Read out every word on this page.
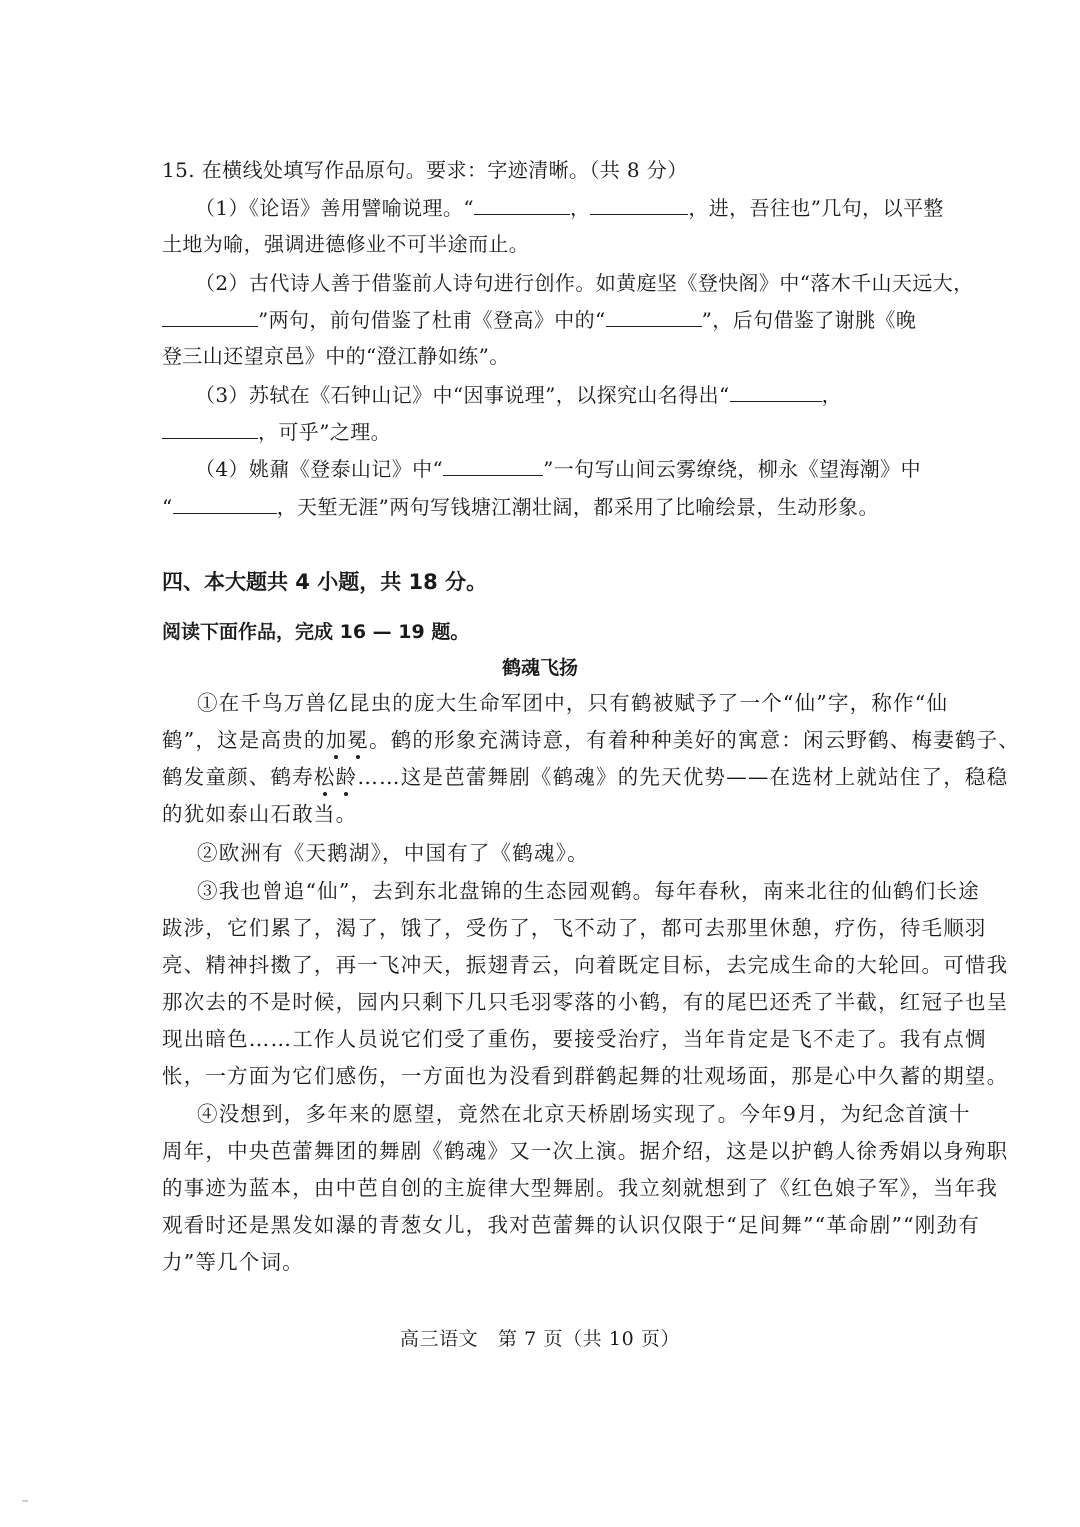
15. 在横线处填写作品原句。要求：字迹清晰。（共 8 分）
（1）《论语》善用譬喻说理。“	，	，进，吾往也”几句，以平整
土地为喻，强调进德修业不可半途而止。
（2）古代诗人善于借鉴前人诗句进行创作。如黄庭坚《登快阁》中“落木千山天远大，
”两句，前句借鉴了杜甫《登高》中的“	”，后句借鉴了谢朓《晚
登三山还望京邑》中的“澄江静如练”。
（3）苏轼在《石钟山记》中“因事说理”，以探究山名得出“	，
，可乎”之理。
（4）姚鼐《登泰山记》中“	”一句写山间云雾缭绕，柳永《望海潮》中
“	，天堑无涯”两句写钱塘江潮壮阔，都采用了比喻绘景，生动形象。
四、本大题共 4 小题，共 18 分。
阅读下面作品，完成 16 — 19 题。
鹤魂飞扬
①在千鸟万兽亿昆虫的庞大生命军团中，只有鹤被赋予了一个“仙”字，称作“仙
鹤”，这是高贵的加冕。鹤的形象充满诗意，有着种种美好的寓意：闲云野鹤、梅妻鹤子、
鹤发童颜、鹤寿松龄……这是芭蕾舞剧《鹤魂》的先天优势——在选材上就站住了，稳稳
的犹如泰山石敢当。
②欧洲有《天鹅湖》，中国有了《鹤魂》。
③我也曾追“仙”，去到东北盘锦的生态园观鹤。每年春秋，南来北往的仙鹤们长途
跋涉，它们累了，渴了，饿了，受伤了，飞不动了，都可去那里休憩，疗伤，待毛顺羽
亮、精神抖擞了，再一飞冲天，振翅青云，向着既定目标，去完成生命的大轮回。可惜我
那次去的不是时候，园内只剩下几只毛羽零落的小鹤，有的尾巴还秃了半截，红冠子也呈
现出暗色……工作人员说它们受了重伤，要接受治疗，当年肯定是飞不走了。我有点惆
怅，一方面为它们感伤，一方面也为没看到群鹤起舞的壮观场面，那是心中久蓄的期望。
④没想到，多年来的愿望，竟然在北京天桥剧场实现了。今年9月，为纪念首演十
周年，中央芭蕾舞团的舞剧《鹤魂》又一次上演。据介绍，这是以护鹤人徐秀娟以身殉职
的事迹为蓝本，由中芭自创的主旋律大型舞剧。我立刻就想到了《红色娘子军》，当年我
观看时还是黑发如瀑的青葱女儿，我对芭蕾舞的认识仅限于“足间舞”“革命剧”“刚劲有
力”等几个词。
高三语文　第 7 页（共 10 页）
